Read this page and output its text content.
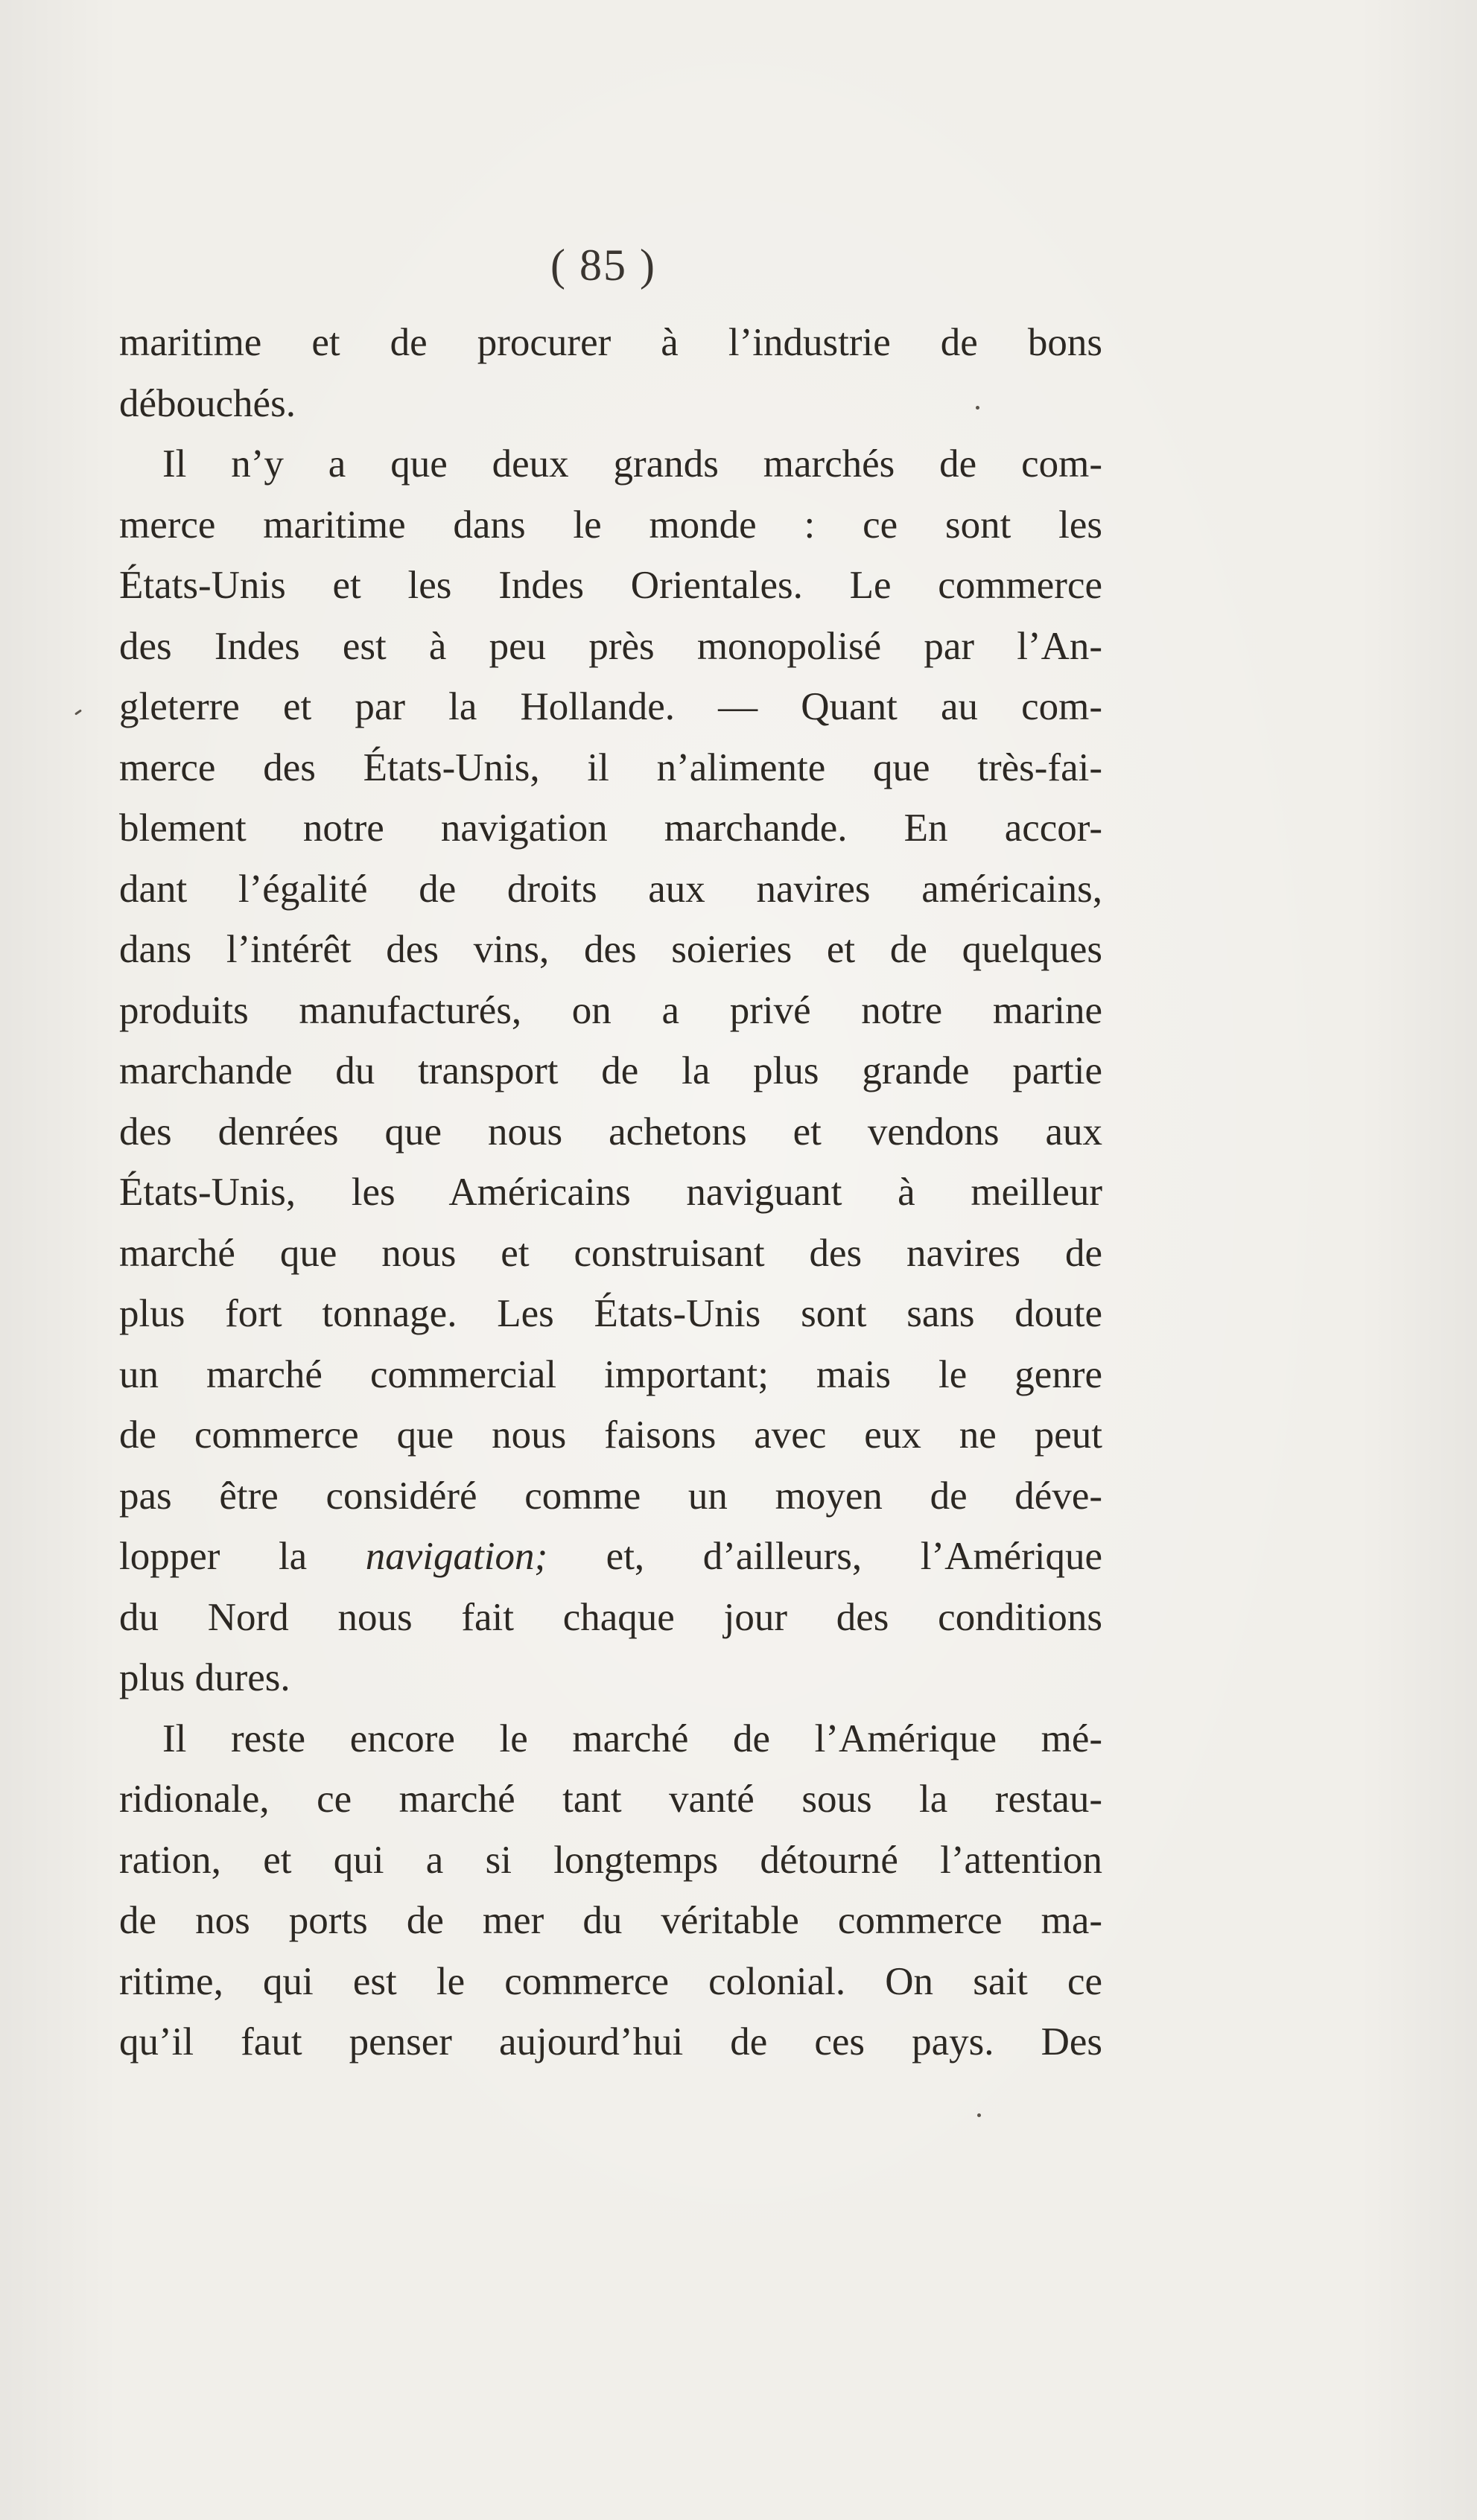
( 85 )

maritime et de procurer à l’industrie de bons
débouchés.

Il n’y a que deux grands marchés de com-
merce maritime dans le monde : ce sont les
États-Unis et les Indes Orientales. Le commerce
des Indes est à peu près monopolisé par l’An-
gleterre et par la Hollande. — Quant au com-
merce des États-Unis, il n’alimente que très-fai-
blement notre navigation marchande. En accor-
dant l’égalité de droits aux navires américains,
dans l’intérêt des vins, des soieries et de quelques
produits manufacturés, on a privé notre marine
marchande du transport de la plus grande partie
des denrées que nous achetons et vendons aux
États-Unis, les Américains naviguant à meilleur
marché que nous et construisant des navires de
plus fort tonnage. Les États-Unis sont sans doute
un marché commercial important; mais le genre
de commerce que nous faisons avec eux ne peut
pas être considéré comme un moyen de déve-
lopper la navigation; et, d’ailleurs, l’Amérique
du Nord nous fait chaque jour des conditions
plus dures.

Il reste encore le marché de l’Amérique mé-
ridionale, ce marché tant vanté sous la restau-
ration, et qui a si longtemps détourné l’attention
de nos ports de mer du véritable commerce ma-
ritime, qui est le commerce colonial. On sait ce
qu’il faut penser aujourd’hui de ces pays. Des
